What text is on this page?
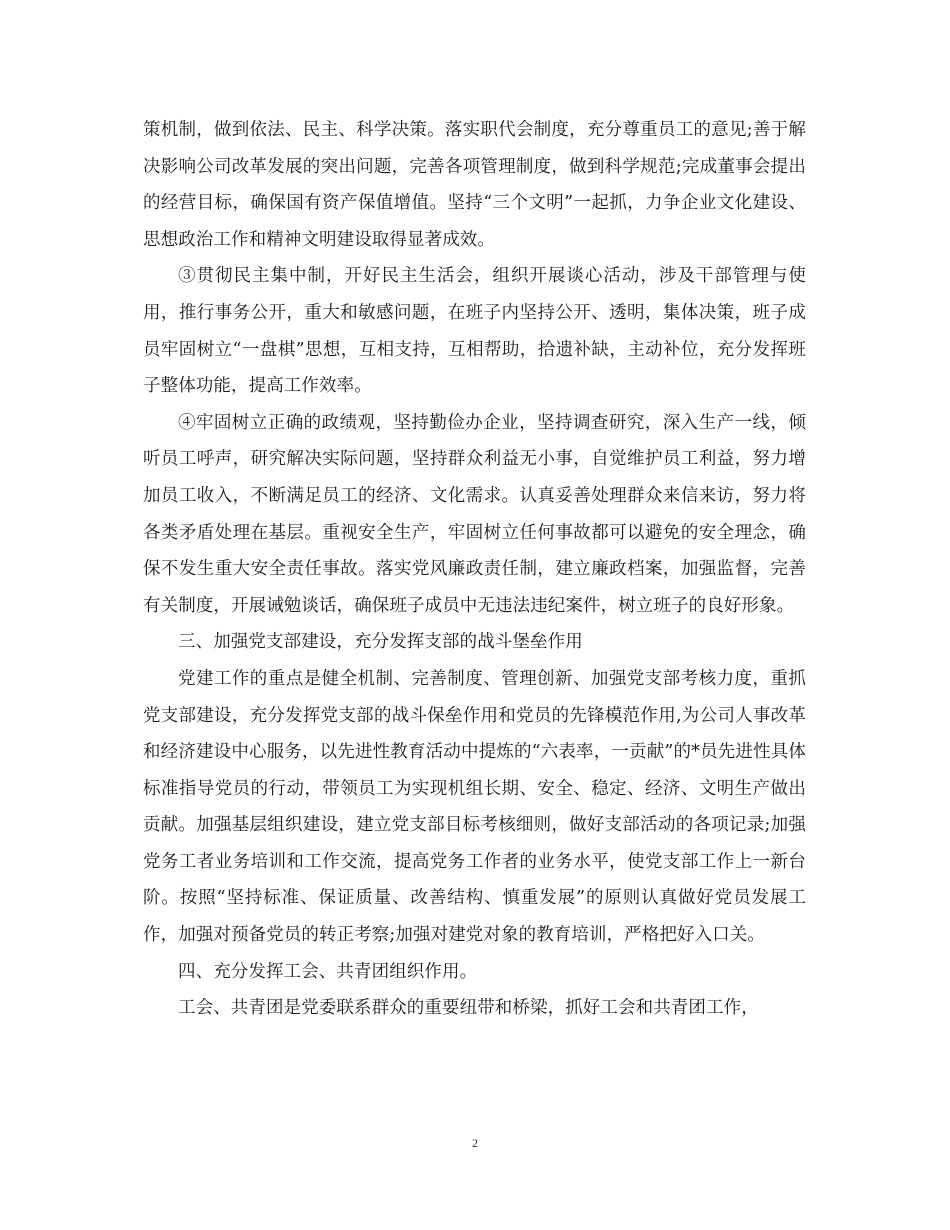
策机制，做到依法、民主、科学决策。落实职代会制度，充分尊重员工的意见;善于解决影响公司改革发展的突出问题，完善各项管理制度，做到科学规范;完成董事会提出的经营目标，确保国有资产保值增值。坚持“三个文明”一起抓，力争企业文化建设、思想政治工作和精神文明建设取得显著成效。

③贯彻民主集中制，开好民主生活会，组织开展谈心活动，涉及干部管理与使用，推行事务公开，重大和敏感问题，在班子内坚持公开、透明，集体决策，班子成员牢固树立“一盘棋”思想，互相支持，互相帮助，拾遗补缺，主动补位，充分发挥班子整体功能，提高工作效率。

④牢固树立正确的政绩观，坚持勤俭办企业，坚持调查研究，深入生产一线，倾听员工呼声，研究解决实际问题，坚持群众利益无小事，自觉维护员工利益，努力增加员工收入，不断满足员工的经济、文化需求。认真妥善处理群众来信来访，努力将各类矛盾处理在基层。重视安全生产，牢固树立任何事故都可以避免的安全理念，确保不发生重大安全责任事故。落实党风廉政责任制，建立廉政档案，加强监督，完善有关制度，开展诫勉谈话，确保班子成员中无违法违纪案件，树立班子的良好形象。

三、加强党支部建设，充分发挥支部的战斗堡垒作用

党建工作的重点是健全机制、完善制度、管理创新、加强党支部考核力度，重抓党支部建设，充分发挥党支部的战斗保垒作用和党员的先锋模范作用,为公司人事改革和经济建设中心服务，以先进性教育活动中提炼的“六表率，一贡献”的*员先进性具体标准指导党员的行动，带领员工为实现机组长期、安全、稳定、经济、文明生产做出贡献。加强基层组织建设，建立党支部目标考核细则，做好支部活动的各项记录;加强党务工者业务培训和工作交流，提高党务工作者的业务水平，使党支部工作上一新台阶。按照“坚持标准、保证质量、改善结构、慎重发展”的原则认真做好党员发展工作，加强对预备党员的转正考察;加强对建党对象的教育培训，严格把好入口关。

四、充分发挥工会、共青团组织作用。

工会、共青团是党委联系群众的重要纽带和桥梁，抓好工会和共青团工作，

2
